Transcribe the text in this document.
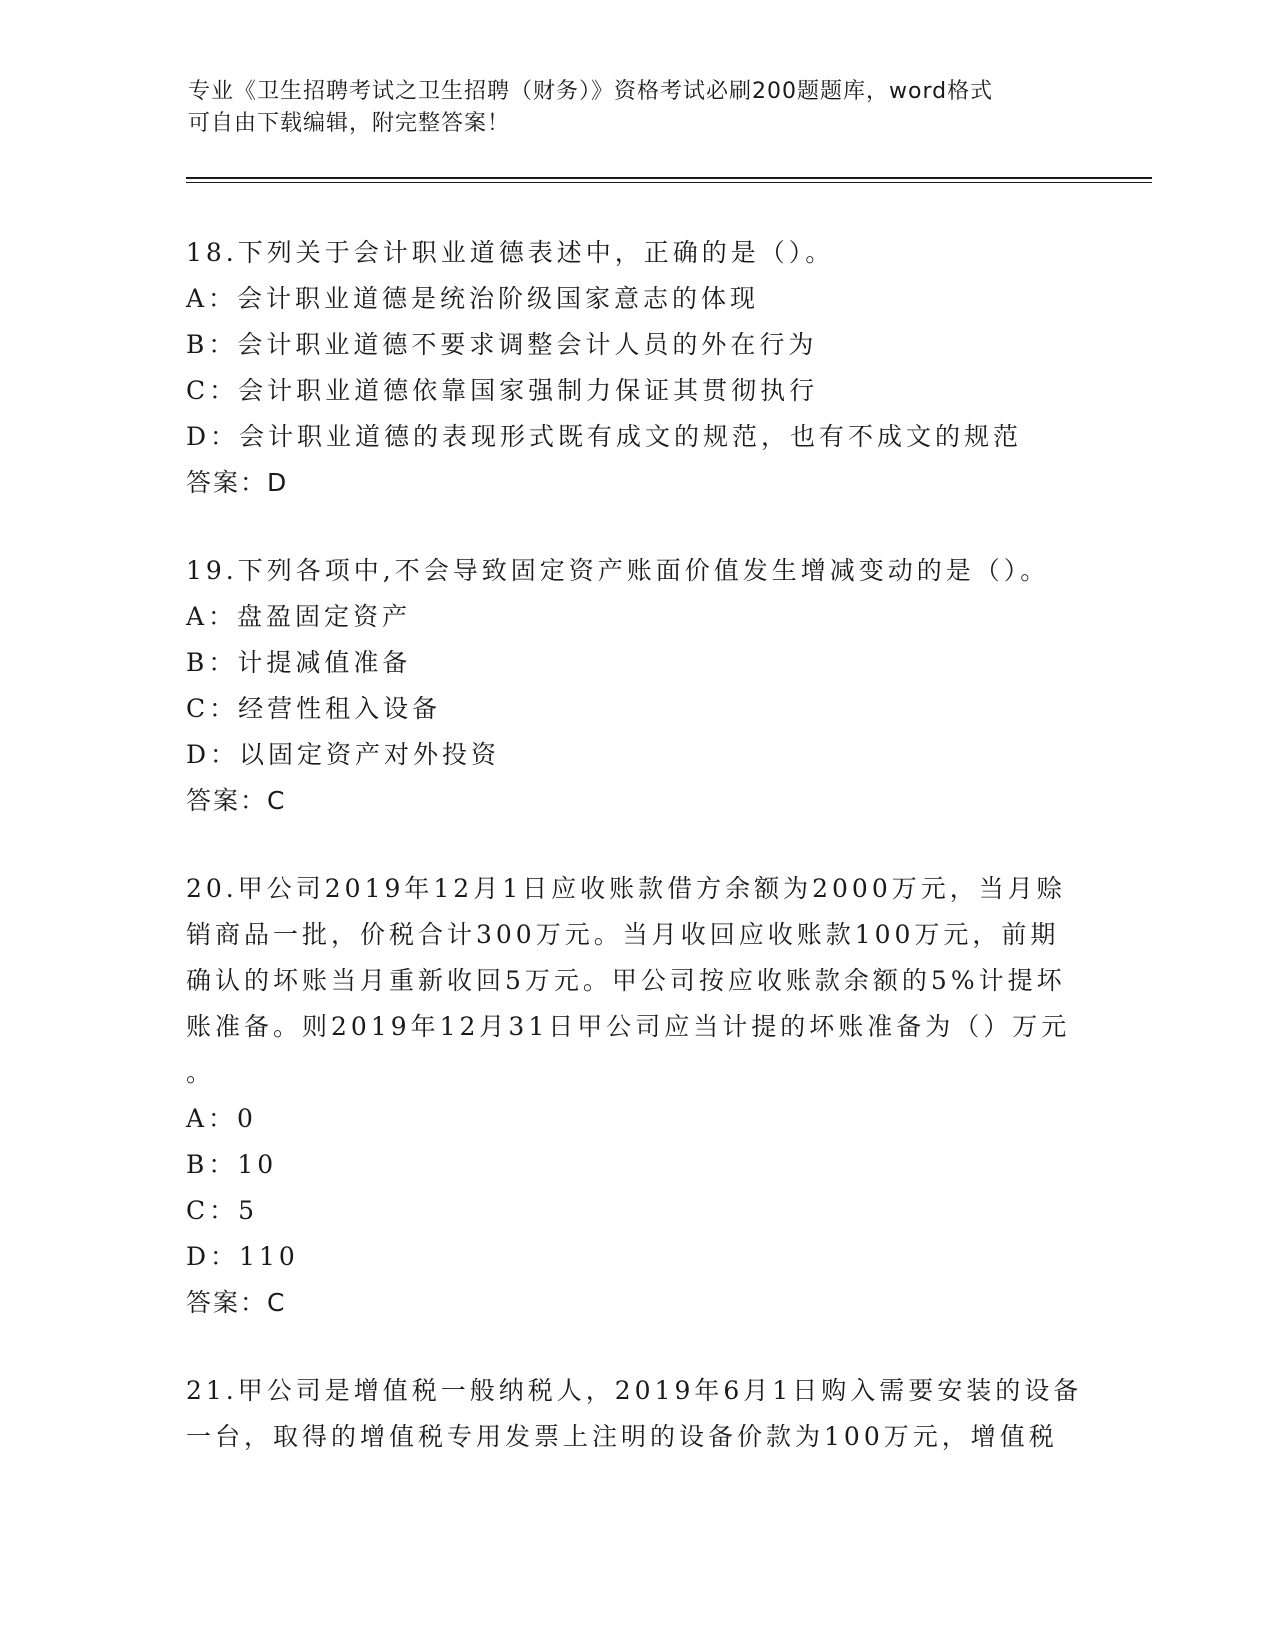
专业《卫生招聘考试之卫生招聘（财务）》资格考试必刷200题题库，word格式
可自由下载编辑，附完整答案！
18.下列关于会计职业道德表述中，正确的是（）。
A：会计职业道德是统治阶级国家意志的体现
B：会计职业道德不要求调整会计人员的外在行为
C：会计职业道德依靠国家强制力保证其贯彻执行
D：会计职业道德的表现形式既有成文的规范，也有不成文的规范
答案：D
19.下列各项中,不会导致固定资产账面价值发生增减变动的是（）。
A：盘盈固定资产
B：计提减值准备
C：经营性租入设备
D：以固定资产对外投资
答案：C
20.甲公司2019年12月1日应收账款借方余额为2000万元，当月赊
销商品一批，价税合计300万元。当月收回应收账款100万元，前期
确认的坏账当月重新收回5万元。甲公司按应收账款余额的5%计提坏
账准备。则2019年12月31日甲公司应当计提的坏账准备为（）万元
。
A：0
B：10
C：5
D：110
答案：C
21.甲公司是增值税一般纳税人，2019年6月1日购入需要安装的设备
一台，取得的增值税专用发票上注明的设备价款为100万元，增值税
